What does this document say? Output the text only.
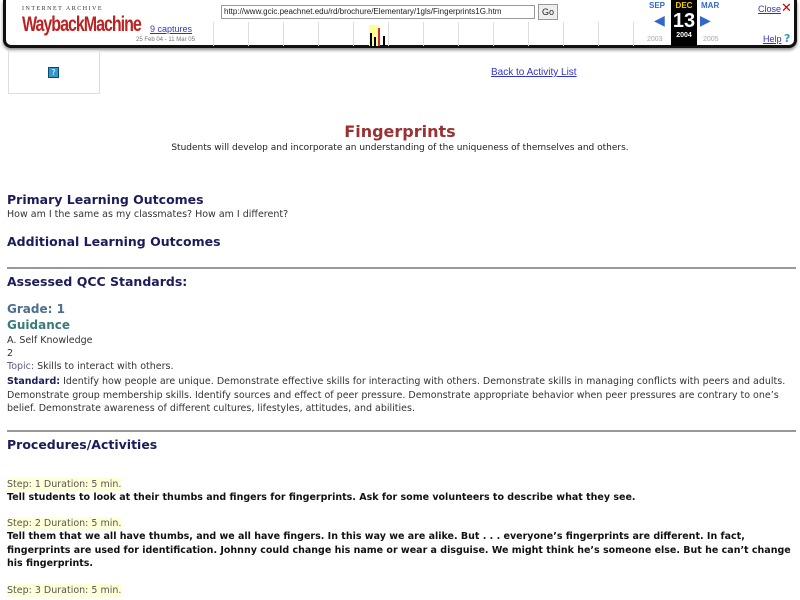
INTERNET ARCHIVE
WaybackMachine
http://www.gcic.peachnet.edu/rd/brochure/Elementary/1gls/Fingerprints1G.htm	Go
9 captures
25 Feb 04 - 11 Mar 05
SEP
◀
2003
DEC
13
2004
MAR
▶
2005
Close ✕
Help ?
?	Back to Activity List
Fingerprints
Students will develop and incorporate an understanding of the uniqueness of themselves and others.
Primary Learning Outcomes
How am I the same as my classmates? How am I different?
Additional Learning Outcomes
Assessed QCC Standards:
Grade: 1
Guidance
A. Self Knowledge
2
Topic: Skills to interact with others.
Standard: Identify how people are unique. Demonstrate effective skills for interacting with others. Demonstrate skills in managing conflicts with peers and adults. Demonstrate group membership skills. Identify sources and effect of peer pressure. Demonstrate appropriate behavior when peer pressures are contrary to one’s belief. Demonstrate awareness of different cultures, lifestyles, attitudes, and abilities.
Procedures/Activities
Step: 1 Duration: 5 min.
Tell students to look at their thumbs and fingers for fingerprints. Ask for some volunteers to describe what they see.
Step: 2 Duration: 5 min.
Tell them that we all have thumbs, and we all have fingers. In this way we are alike. But . . . everyone’s fingerprints are different. In fact, fingerprints are used for identification. Johnny could change his name or wear a disguise. We might think he’s someone else. But he can’t change his fingerprints.
Step: 3 Duration: 5 min.
